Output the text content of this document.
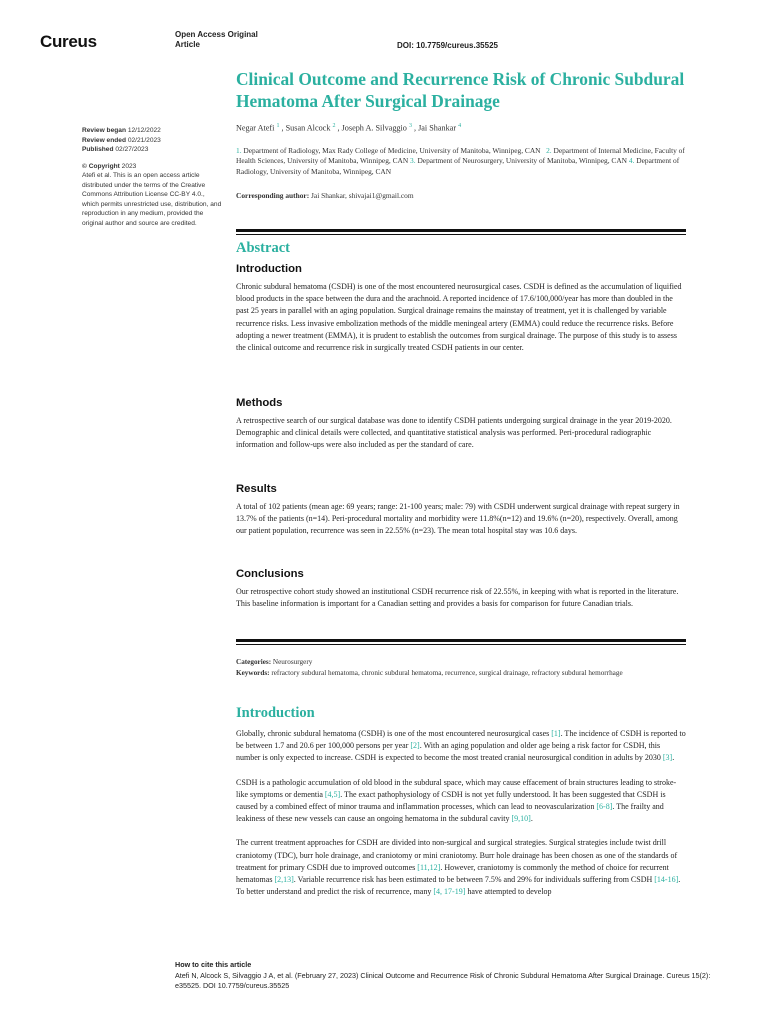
Cureus	Open Access Original
Article	DOI: 10.7759/cureus.35525
Review began 12/12/2022
Review ended 02/21/2023
Published 02/27/2023
© Copyright 2023
Atefi et al. This is an open access article distributed under the terms of the Creative Commons Attribution License CC-BY 4.0., which permits unrestricted use, distribution, and reproduction in any medium, provided the original author and source are credited.
Clinical Outcome and Recurrence Risk of Chronic Subdural Hematoma After Surgical Drainage
Negar Atefi $^1$ , Susan Alcock $^2$ , Joseph A. Silvaggio $^3$ , Jai Shankar $^4$
1. Department of Radiology, Max Rady College of Medicine, University of Manitoba, Winnipeg, CAN 2. Department of Internal Medicine, Faculty of Health Sciences, University of Manitoba, Winnipeg, CAN 3. Department of Neurosurgery, University of Manitoba, Winnipeg, CAN 4. Department of Radiology, University of Manitoba, Winnipeg, CAN
Corresponding author: Jai Shankar, shivajai1@gmail.com
Abstract
Introduction

Chronic subdural hematoma (CSDH) is one of the most encountered neurosurgical cases. CSDH is defined as the accumulation of liquified blood products in the space between the dura and the arachnoid. A reported incidence of 17.6/100,000/year has more than doubled in the past 25 years in parallel with an aging population. Surgical drainage remains the mainstay of treatment, yet it is challenged by variable recurrence risks. Less invasive embolization methods of the middle meningeal artery (EMMA) could reduce the recurrence risks. Before adopting a newer treatment (EMMA), it is prudent to establish the outcomes from surgical drainage. The purpose of this study is to assess the clinical outcome and recurrence risk in surgically treated CSDH patients in our center.

Methods

A retrospective search of our surgical database was done to identify CSDH patients undergoing surgical drainage in the year 2019-2020. Demographic and clinical details were collected, and quantitative statistical analysis was performed. Peri-procedural radiographic information and follow-ups were also included as per the standard of care.

Results

A total of 102 patients (mean age: 69 years; range: 21-100 years; male: 79) with CSDH underwent surgical drainage with repeat surgery in 13.7% of the patients (n=14). Peri-procedural mortality and morbidity were 11.8%(n=12) and 19.6% (n=20), respectively. Overall, among our patient population, recurrence was seen in 22.55% (n=23). The mean total hospital stay was 10.6 days.

Conclusions

Our retrospective cohort study showed an institutional CSDH recurrence risk of 22.55%, in keeping with what is reported in the literature. This baseline information is important for a Canadian setting and provides a basis for comparison for future Canadian trials.

Categories: Neurosurgery
Keywords: refractory subdural hematoma, chronic subdural hematoma, recurrence, surgical drainage, refractory subdural hemorrhage
Introduction

Globally, chronic subdural hematoma (CSDH) is one of the most encountered neurosurgical cases [1]. The incidence of CSDH is reported to be between 1.7 and 20.6 per 100,000 persons per year [2]. With an aging population and older age being a risk factor for CSDH, this number is only expected to increase. CSDH is expected to become the most treated cranial neurosurgical condition in adults by 2030 [3].

CSDH is a pathologic accumulation of old blood in the subdural space, which may cause effacement of brain structures leading to stroke-like symptoms or dementia [4,5]. The exact pathophysiology of CSDH is not yet fully understood. It has been suggested that CSDH is caused by a combined effect of minor trauma and inflammation processes, which can lead to neovascularization [6-8]. The frailty and leakiness of these new vessels can cause an ongoing hematoma in the subdural cavity [9,10].

The current treatment approaches for CSDH are divided into non-surgical and surgical strategies. Surgical strategies include twist drill craniotomy (TDC), burr hole drainage, and craniotomy or mini craniotomy. Burr hole drainage has been chosen as one of the standards of treatment for primary CSDH due to improved outcomes [11,12]. However, craniotomy is commonly the method of choice for recurrent hematomas [2,13]. Variable recurrence risk has been estimated to be between 7.5% and 29% for individuals suffering from CSDH [14-16]. To better understand and predict the risk of recurrence, many [4, 17-19] have attempted to develop

How to cite this article
Atefi N, Alcock S, Silvaggio J A, et al. (February 27, 2023) Clinical Outcome and Recurrence Risk of Chronic Subdural Hematoma After Surgical Drainage. Cureus 15(2): e35525. DOI 10.7759/cureus.35525
